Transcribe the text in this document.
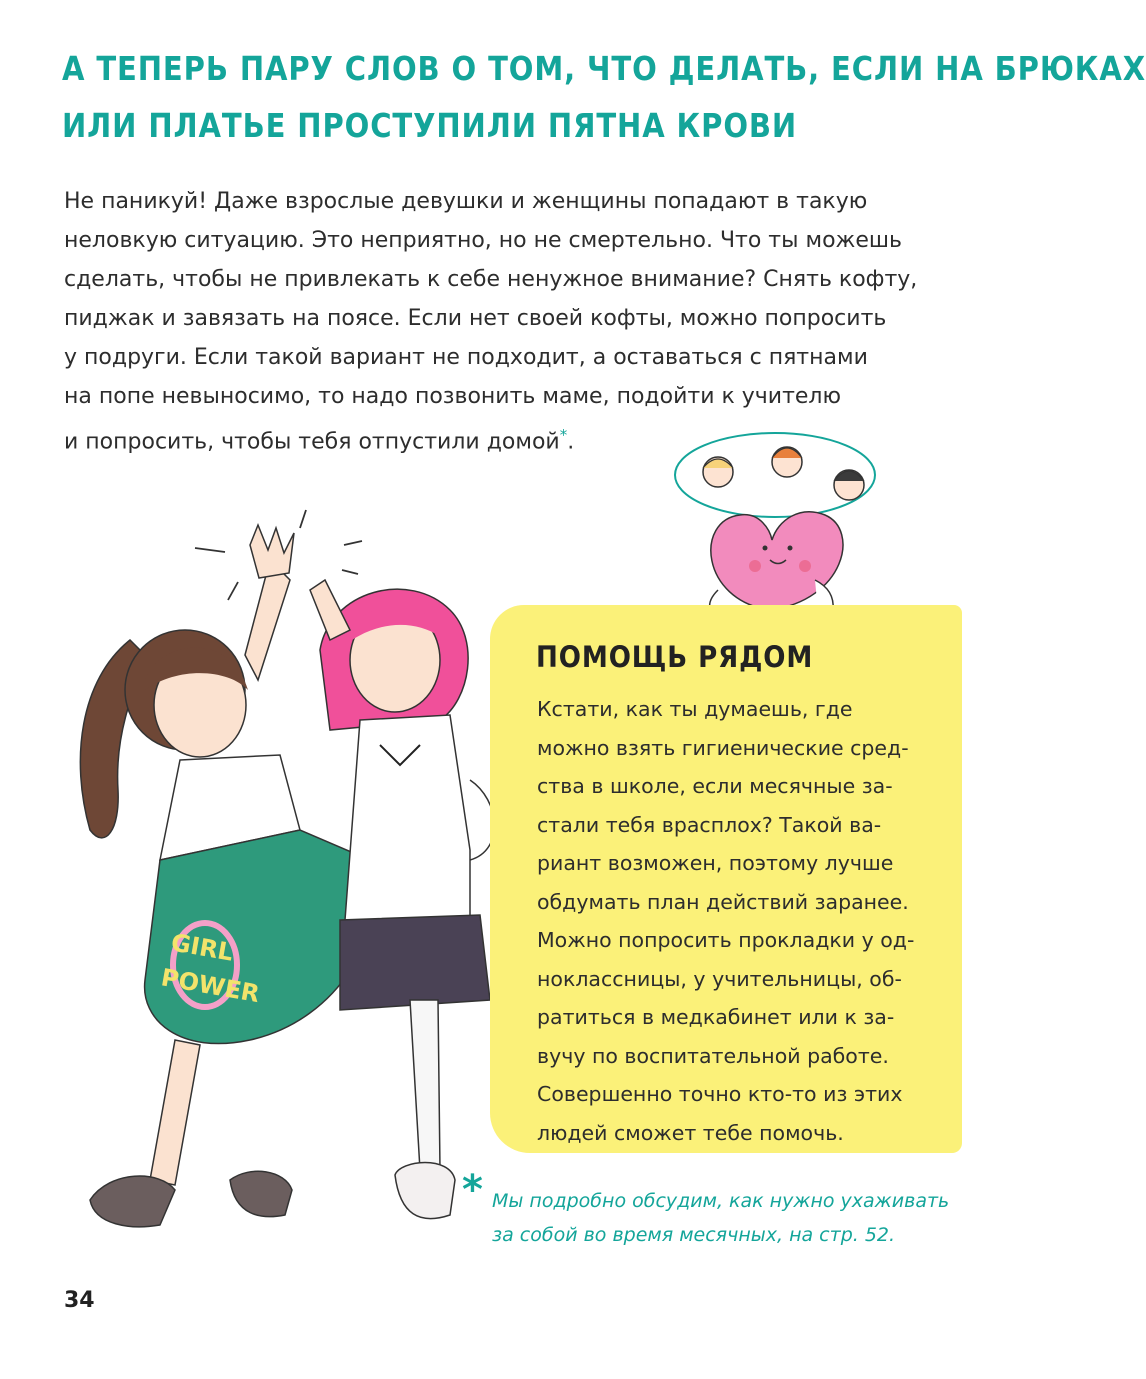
А ТЕПЕРЬ ПАРУ СЛОВ О ТОМ, ЧТО ДЕЛАТЬ, ЕСЛИ НА БРЮКАХ
ИЛИ ПЛАТЬЕ ПРОСТУПИЛИ ПЯТНА КРОВИ

Не паникуй! Даже взрослые девушки и женщины попадают в такую
неловкую ситуацию. Это неприятно, но не смертельно. Что ты можешь
сделать, чтобы не привлекать к себе ненужное внимание? Снять кофту,
пиджак и завязать на поясе. Если нет своей кофты, можно попросить
у подруги. Если такой вариант не подходит, а оставаться с пятнами
на попе невыносимо, то надо позвонить маме, подойти к учителю
и попросить, чтобы тебя отпустили домой*.

GIRL
POWER
ПОМОЩЬ РЯДОМ

Кстати, как ты думаешь, где
можно взять гигиенические сред-
ства в школе, если месячные за-
стали тебя врасплох? Такой ва-
риант возможен, поэтому лучше
обдумать план действий заранее.
Можно попросить прокладки у од-
ноклассницы, у учительницы, об-
ратиться в медкабинет или к за-
вучу по воспитательной работе.
Совершенно точно кто-то из этих
людей сможет тебе помочь.

* Мы подробно обсудим, как нужно ухаживать
за собой во время месячных, на стр. 52.

34
